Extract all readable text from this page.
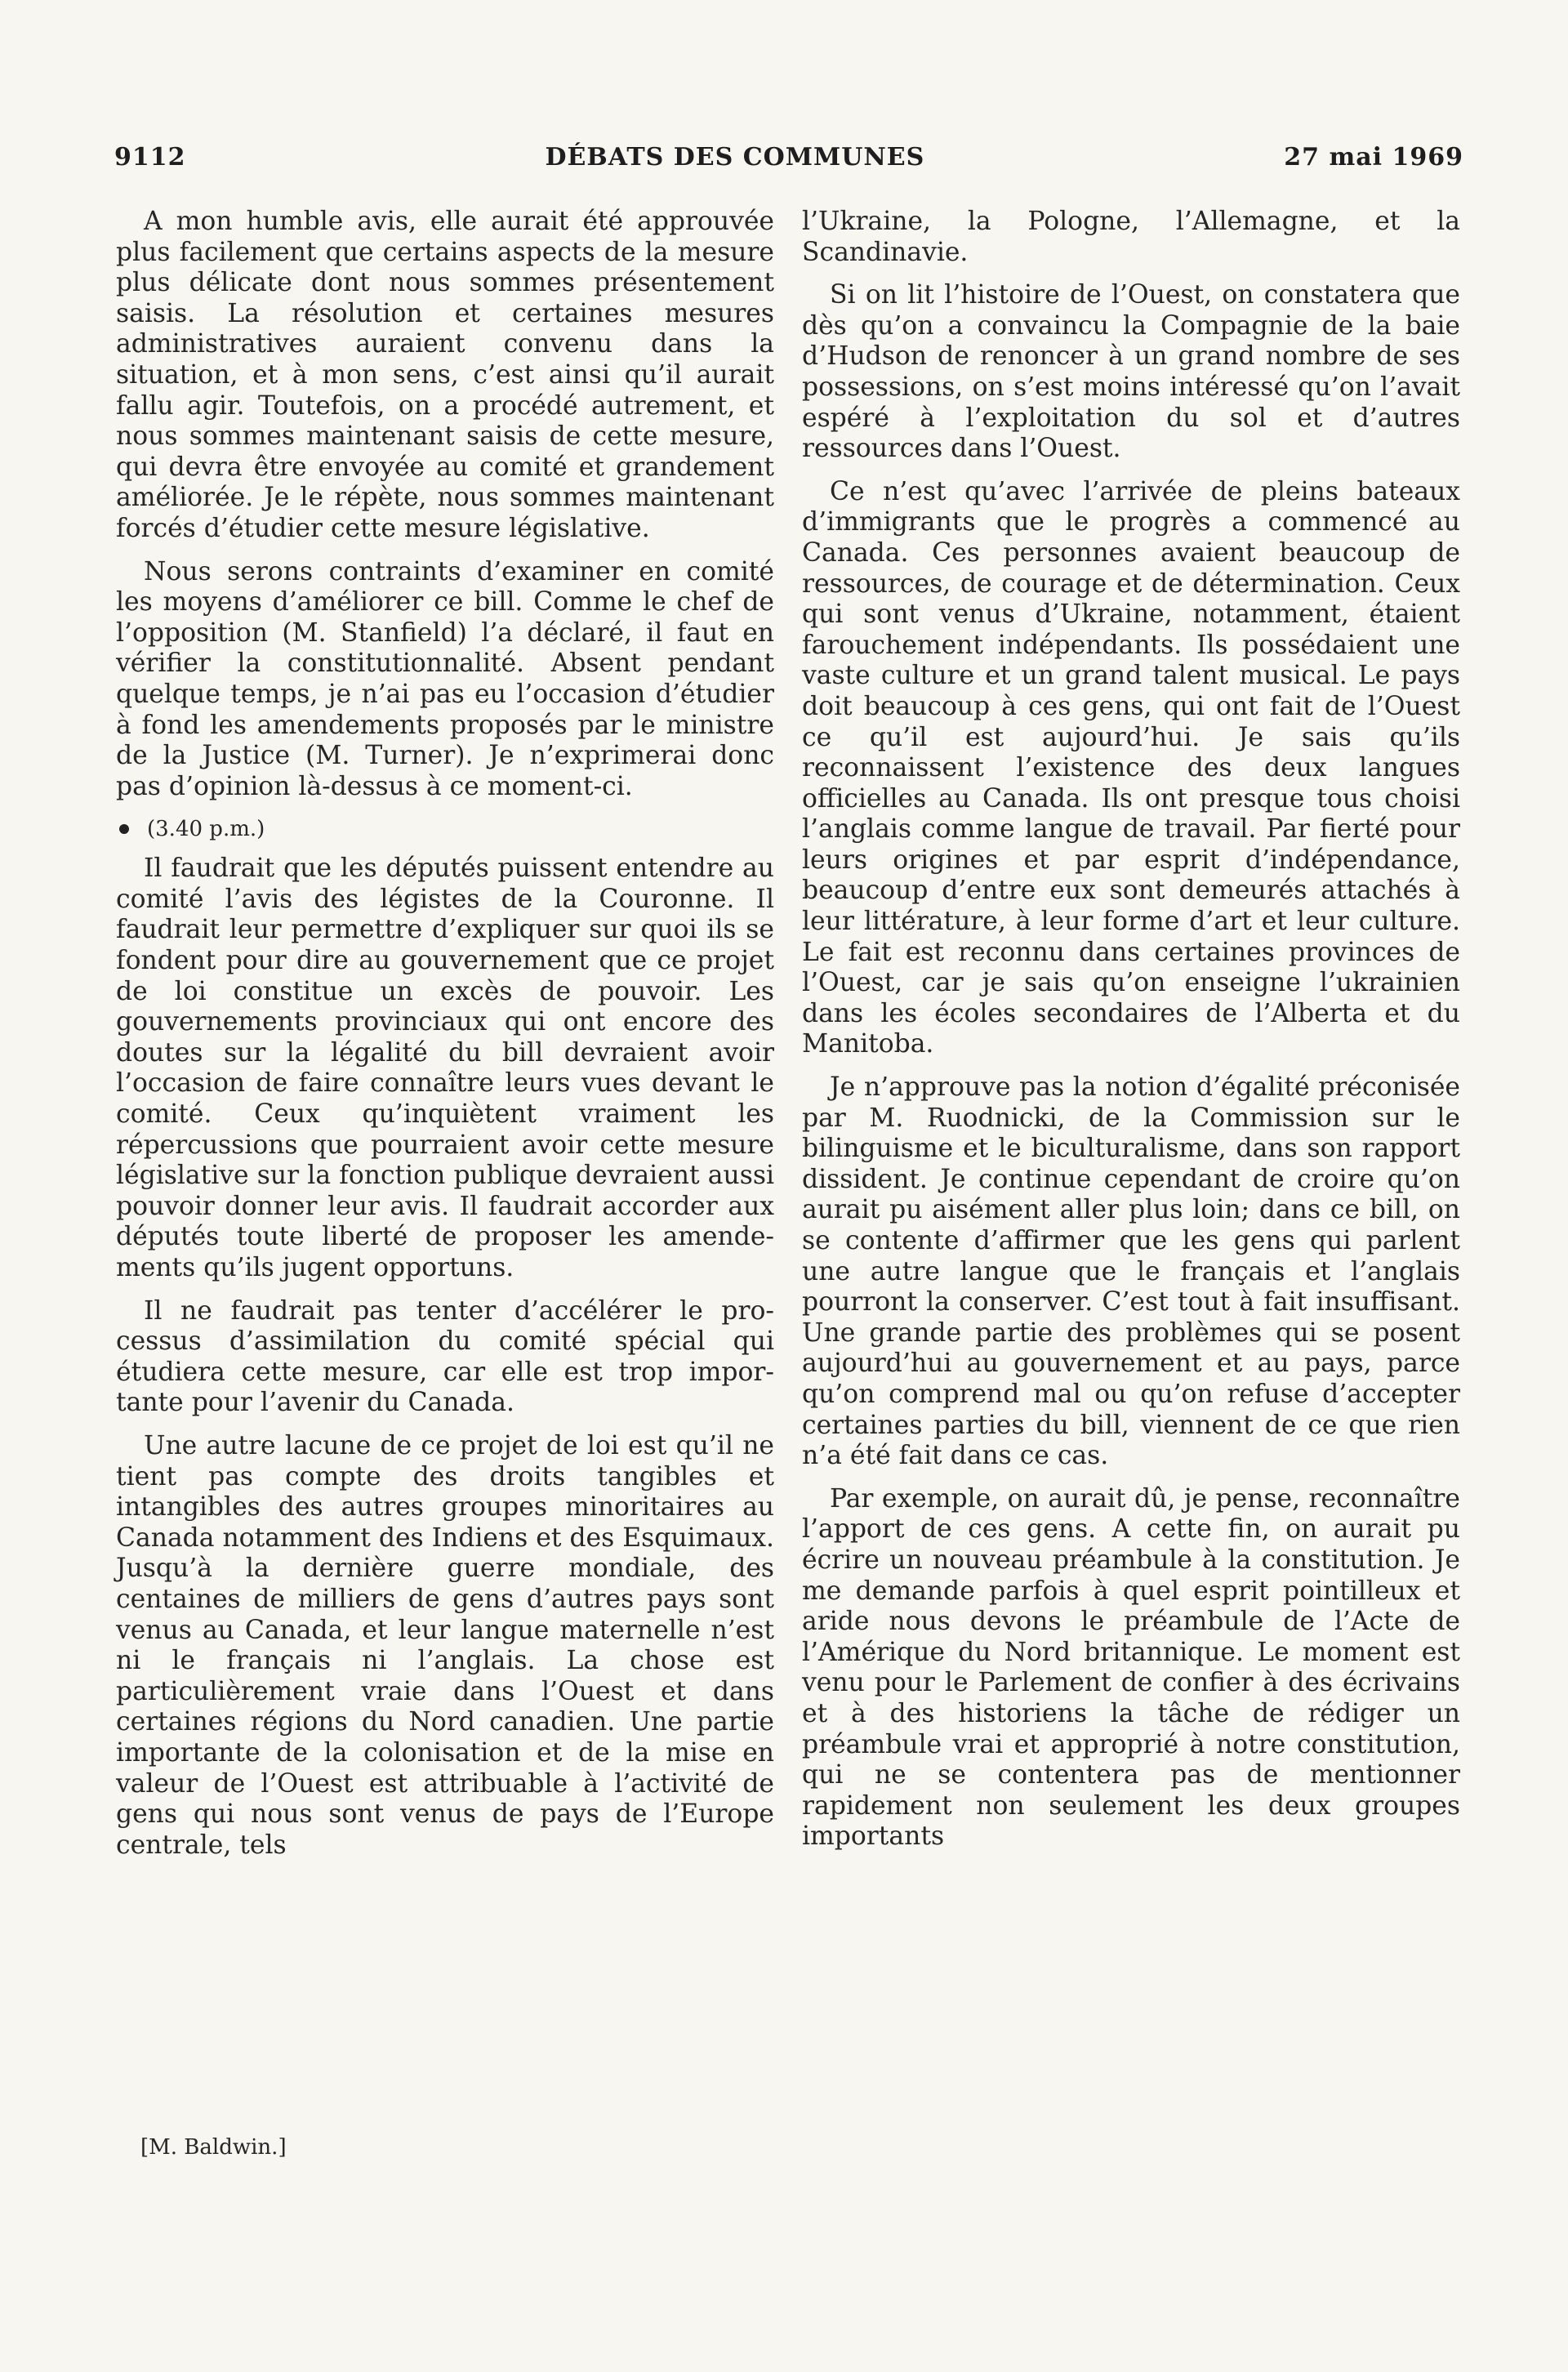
9112	DÉBATS DES COMMUNES	27 mai 1969

A mon humble avis, elle aurait été approuvée plus facilement que certains aspects de la mesure plus délicate dont nous sommes présentement saisis. La résolution et certaines mesures administratives auraient convenu dans la situation, et à mon sens, c’est ainsi qu’il aurait fallu agir. Toutefois, on a procédé autrement, et nous sommes maintenant saisis de cette mesure, qui devra être envoyée au comité et grandement améliorée. Je le répète, nous sommes maintenant forcés d’étudier cette mesure législative.

Nous serons contraints d’examiner en comité les moyens d’améliorer ce bill. Comme le chef de l’opposition (M. Stanfield) l’a déclaré, il faut en vérifier la constitutionnalité. Absent pendant quelque temps, je n’ai pas eu l’occasion d’étudier à fond les amendements proposés par le ministre de la Justice (M. Turner). Je n’exprimerai donc pas d’opinion là-dessus à ce moment-ci.

(3.40 p.m.)

Il faudrait que les députés puissent entendre au comité l’avis des légistes de la Couronne. Il faudrait leur permettre d’expliquer sur quoi ils se fondent pour dire au gouvernement que ce projet de loi constitue un excès de pouvoir. Les gouvernements provinciaux qui ont encore des doutes sur la légalité du bill devraient avoir l’occasion de faire connaître leurs vues devant le comité. Ceux qu’inquiètent vraiment les répercussions que pourraient avoir cette mesure législative sur la fonction publique devraient aussi pouvoir donner leur avis. Il faudrait accorder aux députés toute liberté de proposer les amendements qu’ils jugent opportuns.

Il ne faudrait pas tenter d’accélérer le processus d’assimilation du comité spécial qui étudiera cette mesure, car elle est trop importante pour l’avenir du Canada.

Une autre lacune de ce projet de loi est qu’il ne tient pas compte des droits tangibles et intangibles des autres groupes minoritaires au Canada notamment des Indiens et des Esquimaux. Jusqu’à la dernière guerre mondiale, des centaines de milliers de gens d’autres pays sont venus au Canada, et leur langue maternelle n’est ni le français ni l’anglais. La chose est particulièrement vraie dans l’Ouest et dans certaines régions du Nord canadien. Une partie importante de la colonisation et de la mise en valeur de l’Ouest est attribuable à l’activité de gens qui nous sont venus de pays de l’Europe centrale, tels

[M. Baldwin.]

l’Ukraine, la Pologne, l’Allemagne, et la Scandinavie.

Si on lit l’histoire de l’Ouest, on constatera que dès qu’on a convaincu la Compagnie de la baie d’Hudson de renoncer à un grand nombre de ses possessions, on s’est moins intéressé qu’on l’avait espéré à l’exploitation du sol et d’autres ressources dans l’Ouest.

Ce n’est qu’avec l’arrivée de pleins bateaux d’immigrants que le progrès a commencé au Canada. Ces personnes avaient beaucoup de ressources, de courage et de détermination. Ceux qui sont venus d’Ukraine, notamment, étaient farouchement indépendants. Ils possédaient une vaste culture et un grand talent musical. Le pays doit beaucoup à ces gens, qui ont fait de l’Ouest ce qu’il est aujourd’hui. Je sais qu’ils reconnaissent l’existence des deux langues officielles au Canada. Ils ont presque tous choisi l’anglais comme langue de travail. Par fierté pour leurs origines et par esprit d’indépendance, beaucoup d’entre eux sont demeurés attachés à leur littérature, à leur forme d’art et leur culture. Le fait est reconnu dans certaines provinces de l’Ouest, car je sais qu’on enseigne l’ukrainien dans les écoles secondaires de l’Alberta et du Manitoba.

Je n’approuve pas la notion d’égalité préconisée par M. Ruodnicki, de la Commission sur le bilinguisme et le biculturalisme, dans son rapport dissident. Je continue cependant de croire qu’on aurait pu aisément aller plus loin; dans ce bill, on se contente d’affirmer que les gens qui parlent une autre langue que le français et l’anglais pourront la conserver. C’est tout à fait insuffisant. Une grande partie des problèmes qui se posent aujourd’hui au gouvernement et au pays, parce qu’on comprend mal ou qu’on refuse d’accepter certaines parties du bill, viennent de ce que rien n’a été fait dans ce cas.

Par exemple, on aurait dû, je pense, reconnaître l’apport de ces gens. A cette fin, on aurait pu écrire un nouveau préambule à la constitution. Je me demande parfois à quel esprit pointilleux et aride nous devons le préambule de l’Acte de l’Amérique du Nord britannique. Le moment est venu pour le Parlement de confier à des écrivains et à des historiens la tâche de rédiger un préambule vrai et approprié à notre constitution, qui ne se contentera pas de mentionner rapidement non seulement les deux groupes importants
